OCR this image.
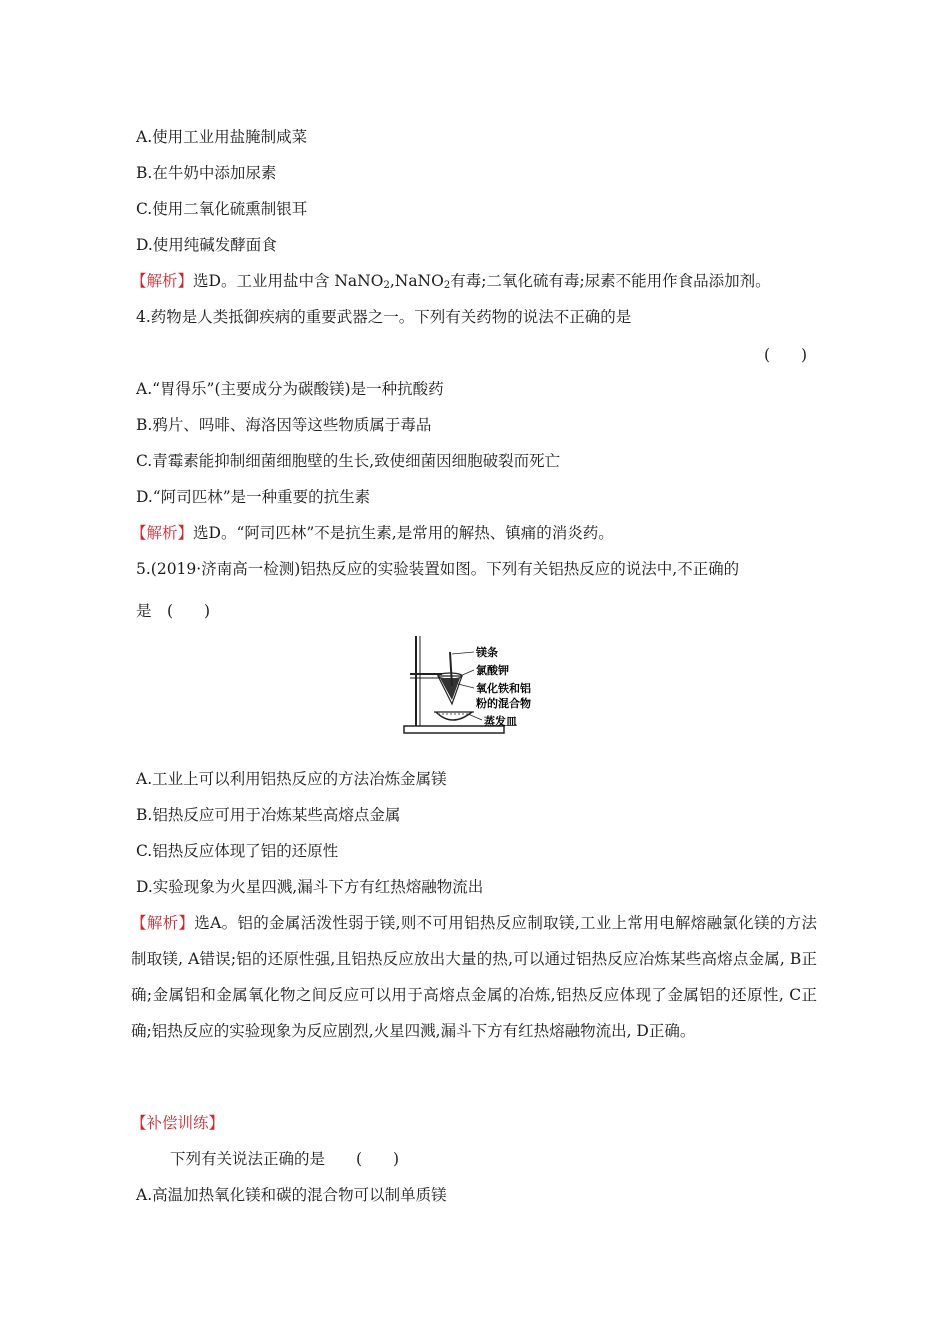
A.使用工业用盐腌制咸菜
B.在牛奶中添加尿素
C.使用二氧化硫熏制银耳
D.使用纯碱发酵面食
【解析】选D。工业用盐中含 NaNO$_2$,NaNO$_2$有毒;二氧化硫有毒;尿素不能用作食品添加剂。
4.药物是人类抵御疾病的重要武器之一。下列有关药物的说法不正确的是
(　　)
A.“胃得乐”(主要成分为碳酸镁)是一种抗酸药
B.鸦片、吗啡、海洛因等这些物质属于毒品
C.青霉素能抑制细菌细胞壁的生长,致使细菌因细胞破裂而死亡
D.“阿司匹林”是一种重要的抗生素
【解析】选D。“阿司匹林”不是抗生素,是常用的解热、镇痛的消炎药。
5.(2019·济南高一检测)铝热反应的实验装置如图。下列有关铝热反应的说法中,不正确的
是　(　　)
镁条
氯酸钾
氧化铁和铝
粉的混合物
蒸发皿
A.工业上可以利用铝热反应的方法冶炼金属镁
B.铝热反应可用于冶炼某些高熔点金属
C.铝热反应体现了铝的还原性
D.实验现象为火星四溅,漏斗下方有红热熔融物流出
【解析】选A。铝的金属活泼性弱于镁,则不可用铝热反应制取镁,工业上常用电解熔融氯化镁的方法制取镁, A错误;铝的还原性强,且铝热反应放出大量的热,可以通过铝热反应冶炼某些高熔点金属, B正确;金属铝和金属氧化物之间反应可以用于高熔点金属的冶炼,铝热反应体现了金属铝的还原性, C正确;铝热反应的实验现象为反应剧烈,火星四溅,漏斗下方有红热熔融物流出, D正确。
【补偿训练】
下列有关说法正确的是　　(　　)
A.高温加热氧化镁和碳的混合物可以制单质镁
